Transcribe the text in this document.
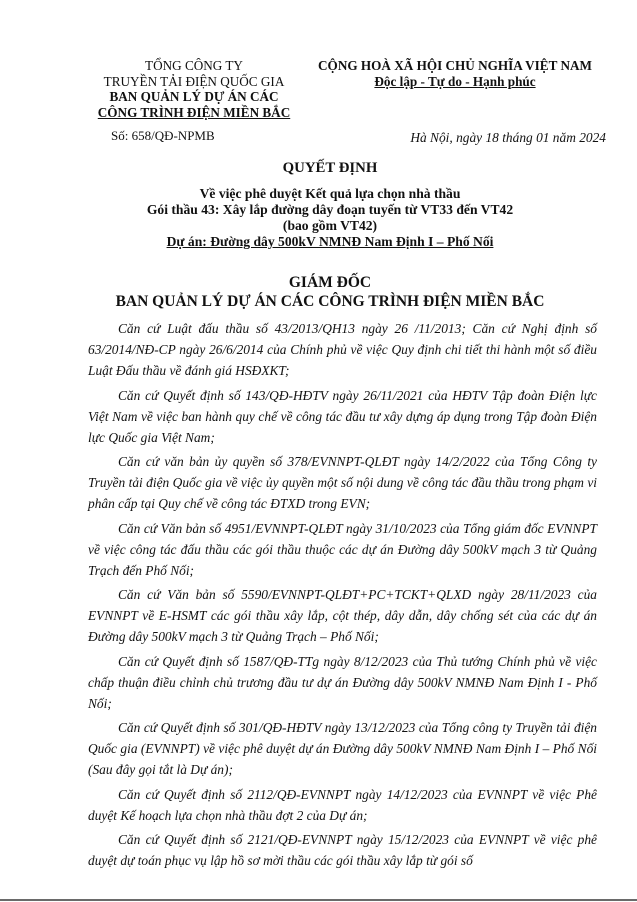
TỔNG CÔNG TY
TRUYỀN TẢI ĐIỆN QUỐC GIA
BAN QUẢN LÝ DỰ ÁN CÁC
CÔNG TRÌNH ĐIỆN MIỀN BẮC
Số: 658/QĐ-NPMB
CỘNG HOÀ XÃ HỘI CHỦ NGHĨA VIỆT NAM
Độc lập - Tự do - Hạnh phúc
Hà Nội, ngày 18 tháng 01 năm 2024
QUYẾT ĐỊNH
Về việc phê duyệt Kết quả lựa chọn nhà thầu
Gói thầu 43: Xây lắp đường dây đoạn tuyến từ VT33 đến VT42
(bao gồm VT42)
Dự án: Đường dây 500kV NMNĐ Nam Định I – Phố Nối
GIÁM ĐỐC
BAN QUẢN LÝ DỰ ÁN CÁC CÔNG TRÌNH ĐIỆN MIỀN BẮC

Căn cứ Luật đấu thầu số 43/2013/QH13 ngày 26 /11/2013; Căn cứ Nghị định số 63/2014/NĐ-CP ngày 26/6/2014 của Chính phủ về việc Quy định chi tiết thi hành một số điều Luật Đấu thầu về đánh giá HSĐXKT;

Căn cứ Quyết định số 143/QĐ-HĐTV ngày 26/11/2021 của HĐTV Tập đoàn Điện lực Việt Nam về việc ban hành quy chế về công tác đầu tư xây dựng áp dụng trong Tập đoàn Điện lực Quốc gia Việt Nam;

Căn cứ văn bản ủy quyền số 378/EVNNPT-QLĐT ngày 14/2/2022 của Tổng Công ty Truyền tải điện Quốc gia về việc ủy quyền một số nội dung về công tác đầu thầu trong phạm vi phân cấp tại Quy chế về công tác ĐTXD trong EVN;

Căn cứ Văn bản số 4951/EVNNPT-QLĐT ngày 31/10/2023 của Tổng giám đốc EVNNPT về việc công tác đấu thầu các gói thầu thuộc các dự án Đường dây 500kV mạch 3 từ Quảng Trạch đến Phố Nối;

Căn cứ Văn bản số 5590/EVNNPT-QLĐT+PC+TCKT+QLXD ngày 28/11/2023 của EVNNPT về E-HSMT các gói thầu xây lắp, cột thép, dây dẫn, dây chống sét của các dự án Đường dây 500kV mạch 3 từ Quảng Trạch – Phố Nối;

Căn cứ Quyết định số 1587/QĐ-TTg ngày 8/12/2023 của Thủ tướng Chính phủ về việc chấp thuận điều chỉnh chủ trương đầu tư dự án Đường dây 500kV NMNĐ Nam Định I - Phố Nối;

Căn cứ Quyết định số 301/QĐ-HĐTV ngày 13/12/2023 của Tổng công ty Truyền tải điện Quốc gia (EVNNPT) về việc phê duyệt dự án Đường dây 500kV NMNĐ Nam Định I – Phố Nối (Sau đây gọi tắt là Dự án);

Căn cứ Quyết định số 2112/QĐ-EVNNPT ngày 14/12/2023 của EVNNPT về việc Phê duyệt Kế hoạch lựa chọn nhà thầu đợt 2 của Dự án;

Căn cứ Quyết định số 2121/QĐ-EVNNPT ngày 15/12/2023 của EVNNPT về việc phê duyệt dự toán phục vụ lập hồ sơ mời thầu các gói thầu xây lắp từ gói số
